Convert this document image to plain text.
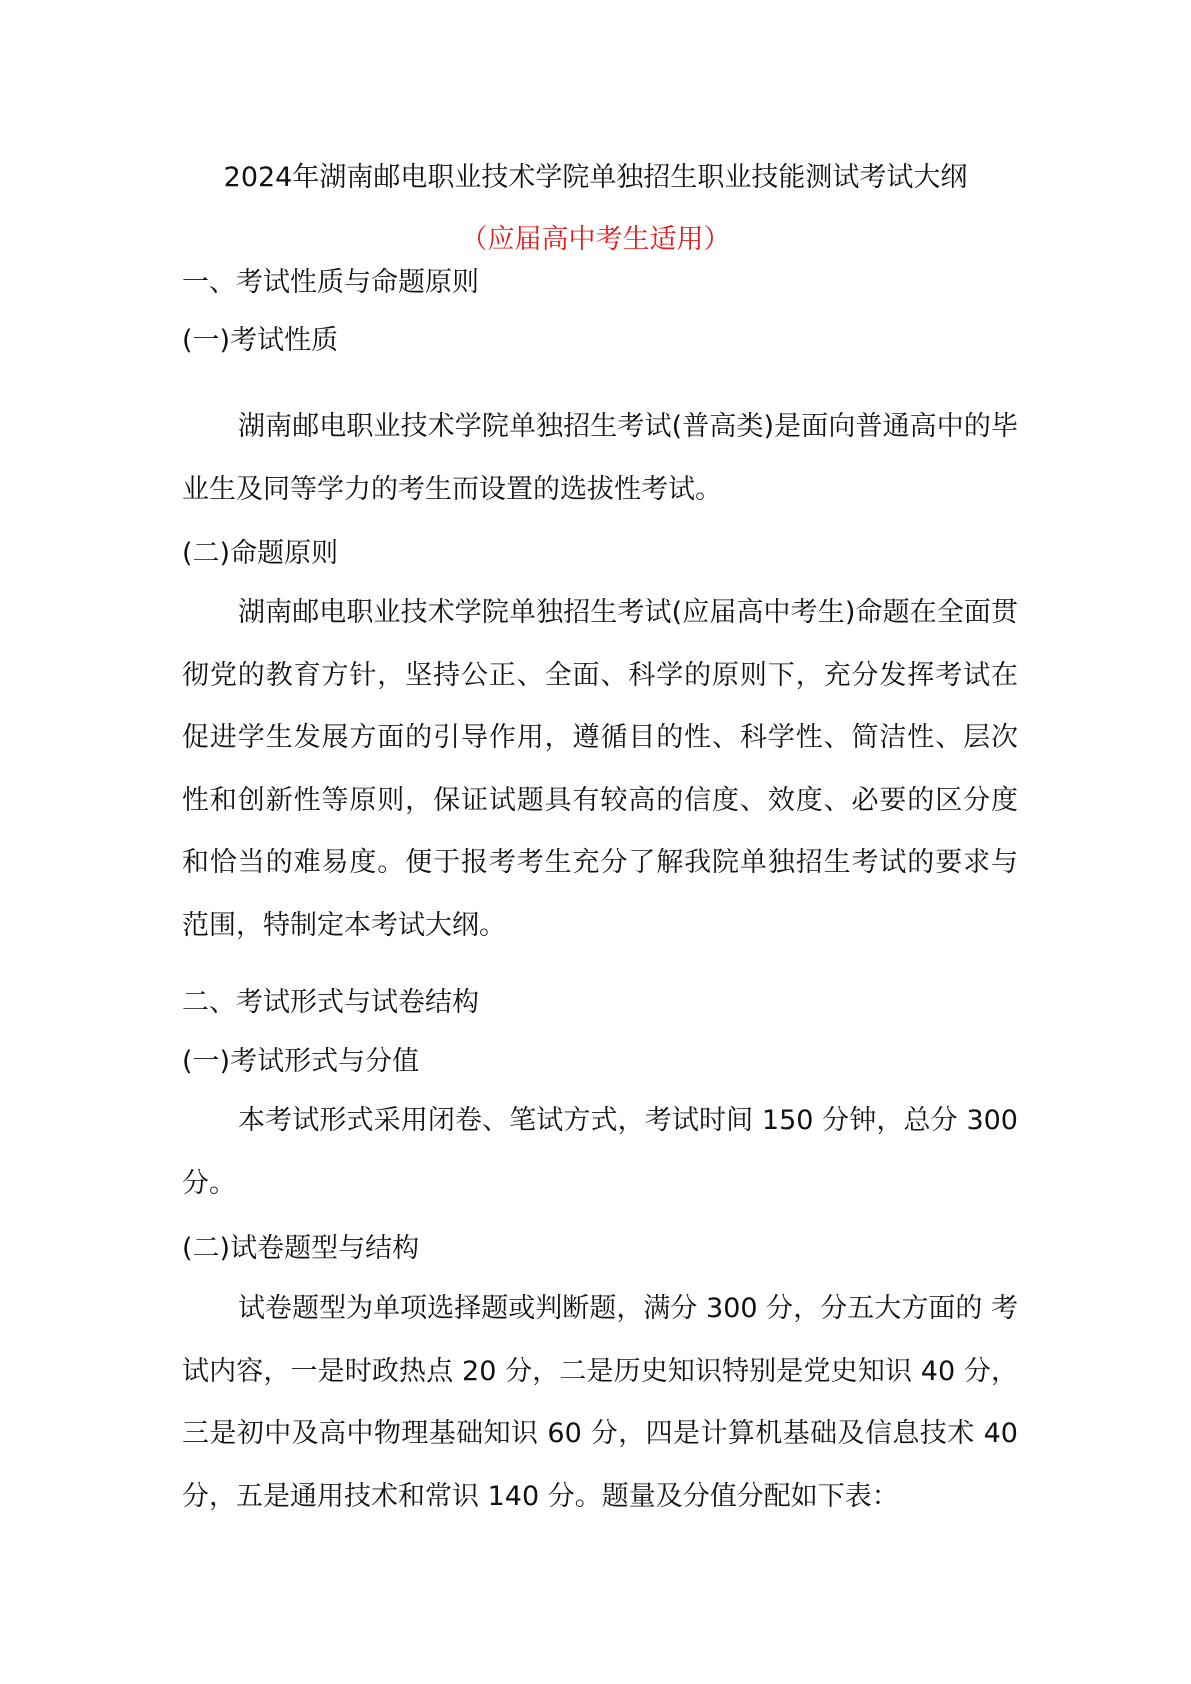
2024年湖南邮电职业技术学院单独招生职业技能测试考试大纲
（应届高中考生适用）
一、考试性质与命题原则
(一)考试性质

湖南邮电职业技术学院单独招生考试(普高类)是面向普通高中的毕业生及同等学力的考生而设置的选拔性考试。

(二)命题原则

湖南邮电职业技术学院单独招生考试(应届高中考生)命题在全面贯彻党的教育方针，坚持公正、全面、科学的原则下，充分发挥考试在促进学生发展方面的引导作用，遵循目的性、科学性、简洁性、层次性和创新性等原则，保证试题具有较高的信度、效度、必要的区分度和恰当的难易度。便于报考考生充分了解我院单独招生考试的要求与范围，特制定本考试大纲。

二、考试形式与试卷结构
(一)考试形式与分值

本考试形式采用闭卷、笔试方式，考试时间 150 分钟，总分 300 分。

(二)试卷题型与结构

试卷题型为单项选择题或判断题，满分 300 分，分五大方面的 考试内容，一是时政热点 20 分，二是历史知识特别是党史知识 40 分，三是初中及高中物理基础知识 60 分，四是计算机基础及信息技术 40 分，五是通用技术和常识 140 分。题量及分值分配如下表：
